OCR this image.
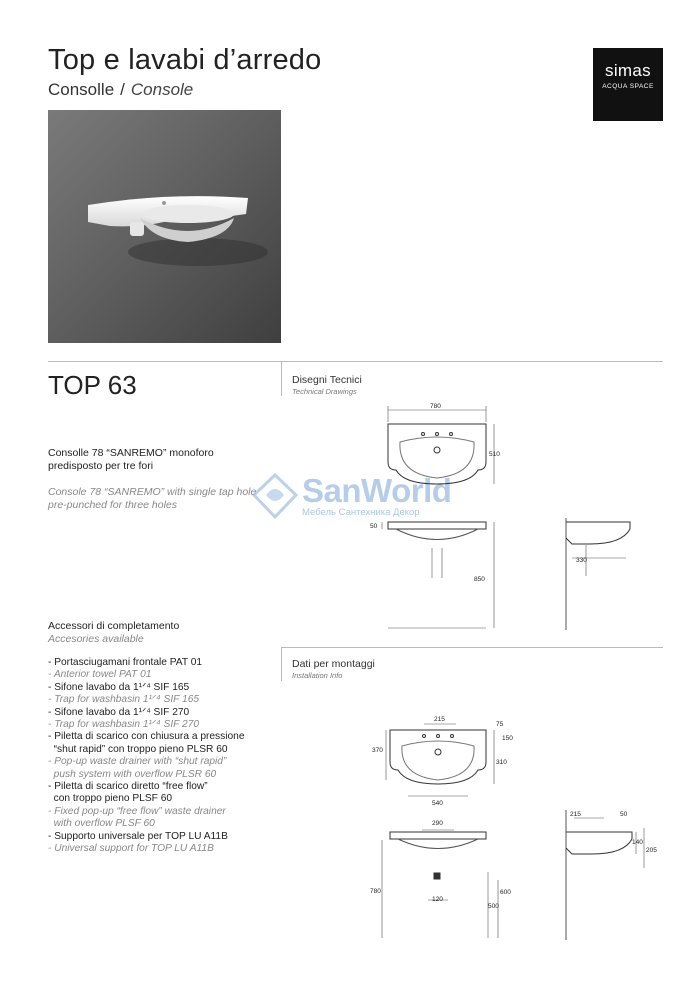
Top e lavabi d’arredo
Consolle / Console
simas
ACQUA SPACE
TOP 63	Disegni Tecnici
Technical Drawings
Consolle 78 “SANREMO” monoforo predisposto per tre fori
Console 78 “SANREMO” with single tap hole pre-punched for three holes
Accessori di completamento
Accesories available
- Portasciugamani frontale PAT 01
- Anterior towel PAT 01
- Sifone lavabo da 1¹ᐟ⁴ SIF 165
- Trap for washbasin 1¹ᐟ⁴ SIF 165
- Sifone lavabo da 1¹ᐟ⁴ SIF 270
- Trap for washbasin 1¹ᐟ⁴ SIF 270
- Piletta di scarico con chiusura a pressione
“shut rapid” con troppo pieno PLSR 60
- Pop-up waste drainer with “shut rapid”
push system with overflow PLSR 60
- Piletta di scarico diretto “free flow”
con troppo pieno PLSF 60
- Fixed pop-up “free flow” waste drainer
with overflow PLSF 60
- Supporto universale per TOP LU A11B
- Universal support for TOP LU A11B
Dati per montaggi
Installation Info
SanWorld
Мебель Сантехника Декор
780
510
50
850
330
215
75
150
370
310
540
290
780	600
500
120
215	50
140
205
